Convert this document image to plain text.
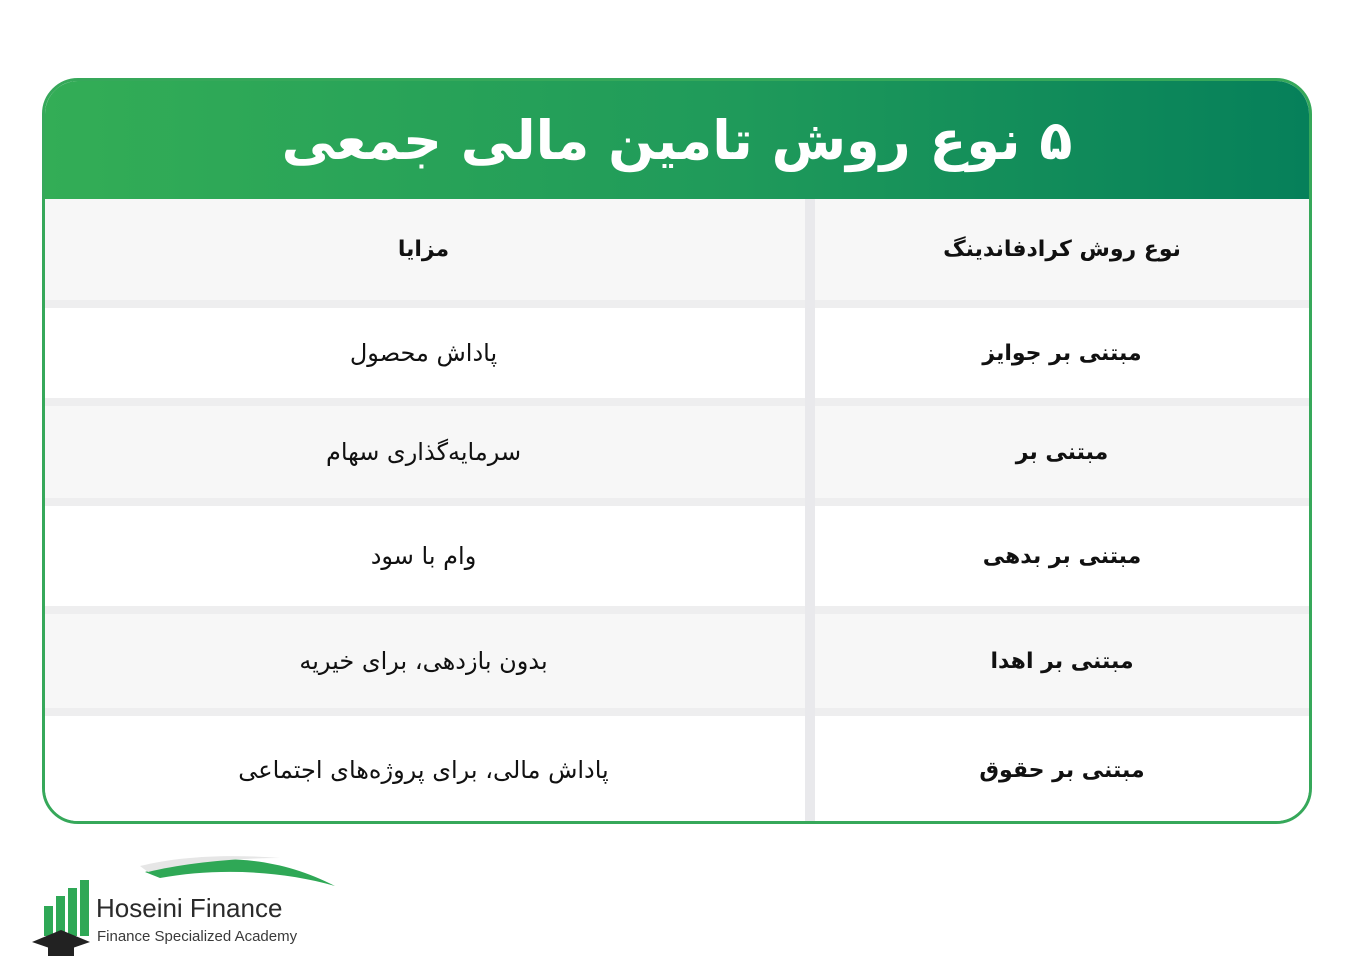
۵ نوع روش تامین مالی جمعی
نوع روش کرادفاندینگ
مزایا
مبتنی بر جوایز
پاداش محصول
مبتنی بر
سرمایه‌گذاری سهام
مبتنی بر بدهی
وام با سود
مبتنی بر اهدا
بدون بازدهی، برای خیریه
مبتنی بر حقوق
پاداش مالی، برای پروژه‌های اجتماعی
Hoseini Finance
Finance Specialized Academy
